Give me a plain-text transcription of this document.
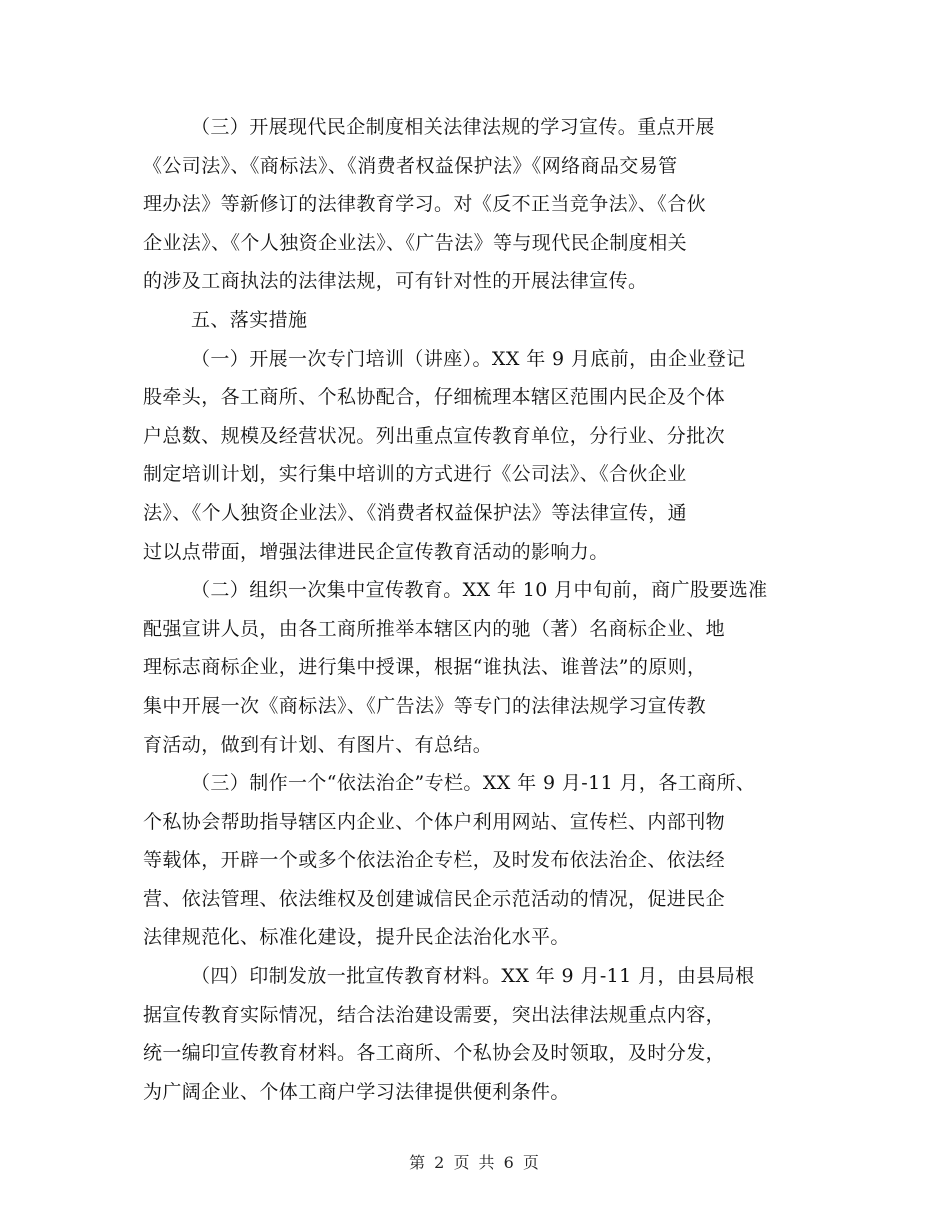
（三）开展现代民企制度相关法律法规的学习宣传。重点开展
《公司法》、《商标法》、《消费者权益保护法》《网络商品交易管
理办法》等新修订的法律教育学习。对《反不正当竞争法》、《合伙
企业法》、《个人独资企业法》、《广告法》等与现代民企制度相关
的涉及工商执法的法律法规，可有针对性的开展法律宣传。
五、落实措施
（一）开展一次专门培训（讲座）。XX 年 9 月底前，由企业登记
股牵头，各工商所、个私协配合，仔细梳理本辖区范围内民企及个体
户总数、规模及经营状况。列出重点宣传教育单位，分行业、分批次
制定培训计划，实行集中培训的方式进行《公司法》、《合伙企业
法》、《个人独资企业法》、《消费者权益保护法》等法律宣传，通
过以点带面，增强法律进民企宣传教育活动的影响力。
（二）组织一次集中宣传教育。XX 年 10 月中旬前，商广股要选准
配强宣讲人员，由各工商所推举本辖区内的驰（著）名商标企业、地
理标志商标企业，进行集中授课，根据“谁执法、谁普法”的原则，
集中开展一次《商标法》、《广告法》等专门的法律法规学习宣传教
育活动，做到有计划、有图片、有总结。
（三）制作一个“依法治企”专栏。XX 年 9 月-11 月，各工商所、
个私协会帮助指导辖区内企业、个体户利用网站、宣传栏、内部刊物
等载体，开辟一个或多个依法治企专栏，及时发布依法治企、依法经
营、依法管理、依法维权及创建诚信民企示范活动的情况，促进民企
法律规范化、标准化建设，提升民企法治化水平。
（四）印制发放一批宣传教育材料。XX 年 9 月-11 月，由县局根
据宣传教育实际情况，结合法治建设需要，突出法律法规重点内容，
统一编印宣传教育材料。各工商所、个私协会及时领取，及时分发，
为广阔企业、个体工商户学习法律提供便利条件。
第 2 页 共 6 页
